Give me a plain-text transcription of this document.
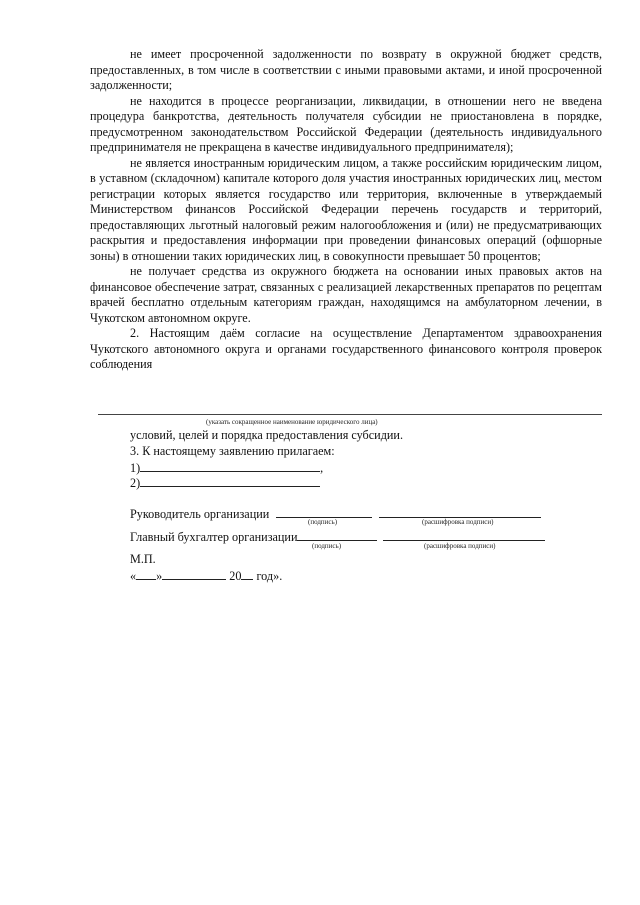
не имеет просроченной задолженности по возврату в окружной бюджет средств, предоставленных, в том числе в соответствии с иными правовыми актами, и иной просроченной задолженности;

не находится в процессе реорганизации, ликвидации, в отношении него не введена процедура банкротства, деятельность получателя субсидии не приостановлена в порядке, предусмотренном законодательством Российской Федерации (деятельность индивидуального предпринимателя не прекращена в качестве индивидуального предпринимателя);

не является иностранным юридическим лицом, а также российским юридическим лицом, в уставном (складочном) капитале которого доля участия иностранных юридических лиц, местом регистрации которых является государство или территория, включенные в утверждаемый Министерством финансов Российской Федерации перечень государств и территорий, предоставляющих льготный налоговый режим налогообложения и (или) не предусматривающих раскрытия и предоставления информации при проведении финансовых операций (офшорные зоны) в отношении таких юридических лиц, в совокупности превышает 50 процентов;

не получает средства из окружного бюджета на основании иных правовых актов на финансовое обеспечение затрат, связанных с реализацией лекарственных препаратов по рецептам врачей бесплатно отдельным категориям граждан, находящимся на амбулаторном лечении, в Чукотском автономном округе.

2. Настоящим даём согласие на осуществление Департаментом здравоохранения Чукотского автономного округа и органами государственного финансового контроля проверок соблюдения

(указать сокращенное наименование юридического лица)
условий, целей и порядка предоставления субсидии.
3. К настоящему заявлению прилагаем:
1)	,
2)
Руководитель организации
(подпись)	(расшифровка подписи)
Главный бухгалтер организации
(подпись)	(расшифровка подписи)
М.П.
« »	20 год».
